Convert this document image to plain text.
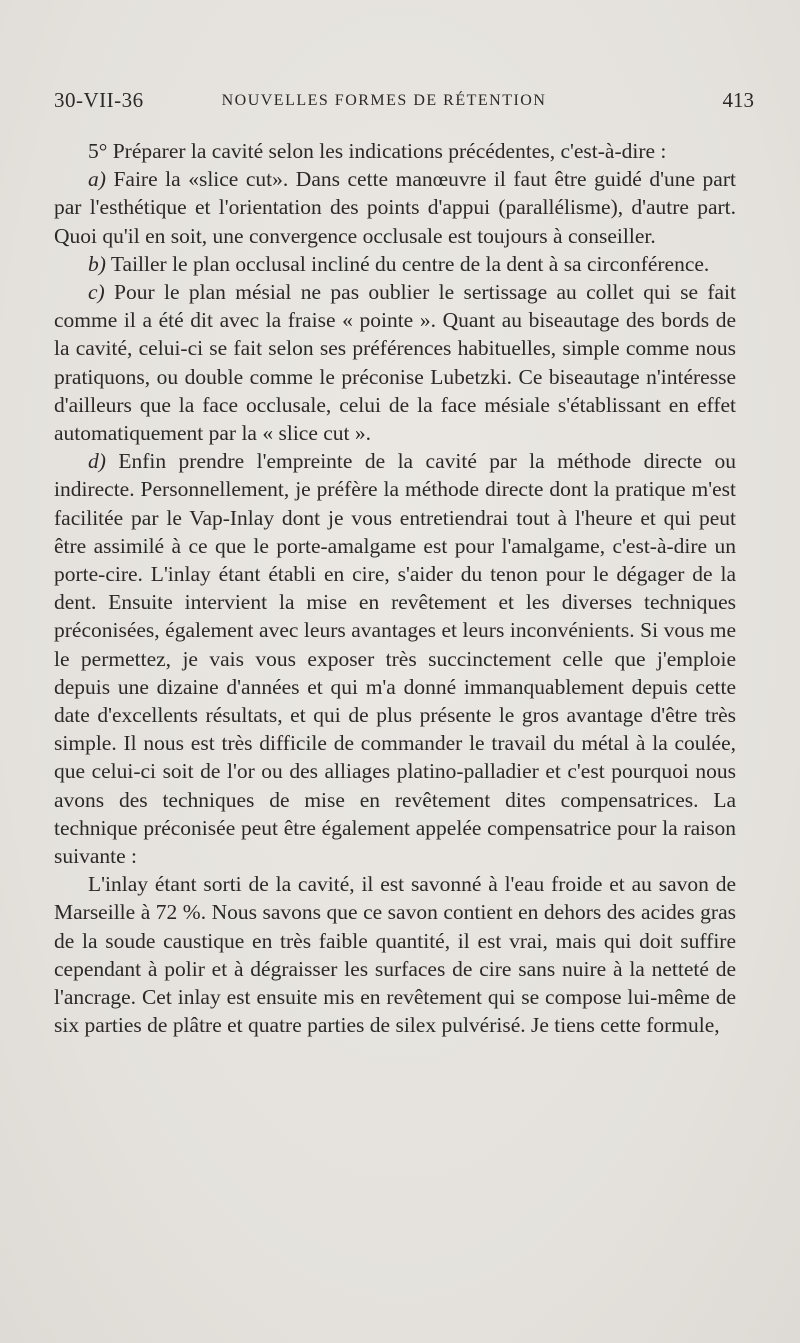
30-VII-36	NOUVELLES FORMES DE RÉTENTION	413

5° Préparer la cavité selon les indications précédentes, c'est-à-dire :

a) Faire la «slice cut». Dans cette manœuvre il faut être guidé d'une part par l'esthétique et l'orientation des points d'appui (parallélisme), d'autre part. Quoi qu'il en soit, une convergence occlusale est toujours à conseiller.

b) Tailler le plan occlusal incliné du centre de la dent à sa circonférence.

c) Pour le plan mésial ne pas oublier le sertissage au collet qui se fait comme il a été dit avec la fraise « pointe ». Quant au biseautage des bords de la cavité, celui-ci se fait selon ses préférences habituelles, simple comme nous pratiquons, ou double comme le préconise Lubetzki. Ce biseautage n'intéresse d'ailleurs que la face occlusale, celui de la face mésiale s'établissant en effet automatiquement par la « slice cut ».

d) Enfin prendre l'empreinte de la cavité par la méthode directe ou indirecte. Personnellement, je préfère la méthode directe dont la pratique m'est facilitée par le Vap-Inlay dont je vous entretiendrai tout à l'heure et qui peut être assimilé à ce que le porte-amalgame est pour l'amalgame, c'est-à-dire un porte-cire. L'inlay étant établi en cire, s'aider du tenon pour le dégager de la dent. Ensuite intervient la mise en revêtement et les diverses techniques préconisées, également avec leurs avantages et leurs inconvénients. Si vous me le permettez, je vais vous exposer très succinctement celle que j'emploie depuis une dizaine d'années et qui m'a donné immanquablement depuis cette date d'excellents résultats, et qui de plus présente le gros avantage d'être très simple. Il nous est très difficile de commander le travail du métal à la coulée, que celui-ci soit de l'or ou des alliages platino-palladier et c'est pourquoi nous avons des techniques de mise en revêtement dites compensatrices. La technique préconisée peut être également appelée compensatrice pour la raison suivante :

L'inlay étant sorti de la cavité, il est savonné à l'eau froide et au savon de Marseille à 72 %. Nous savons que ce savon contient en dehors des acides gras de la soude caustique en très faible quantité, il est vrai, mais qui doit suffire cependant à polir et à dégraisser les surfaces de cire sans nuire à la netteté de l'ancrage. Cet inlay est ensuite mis en revêtement qui se compose lui-même de six parties de plâtre et quatre parties de silex pulvérisé. Je tiens cette formule,
